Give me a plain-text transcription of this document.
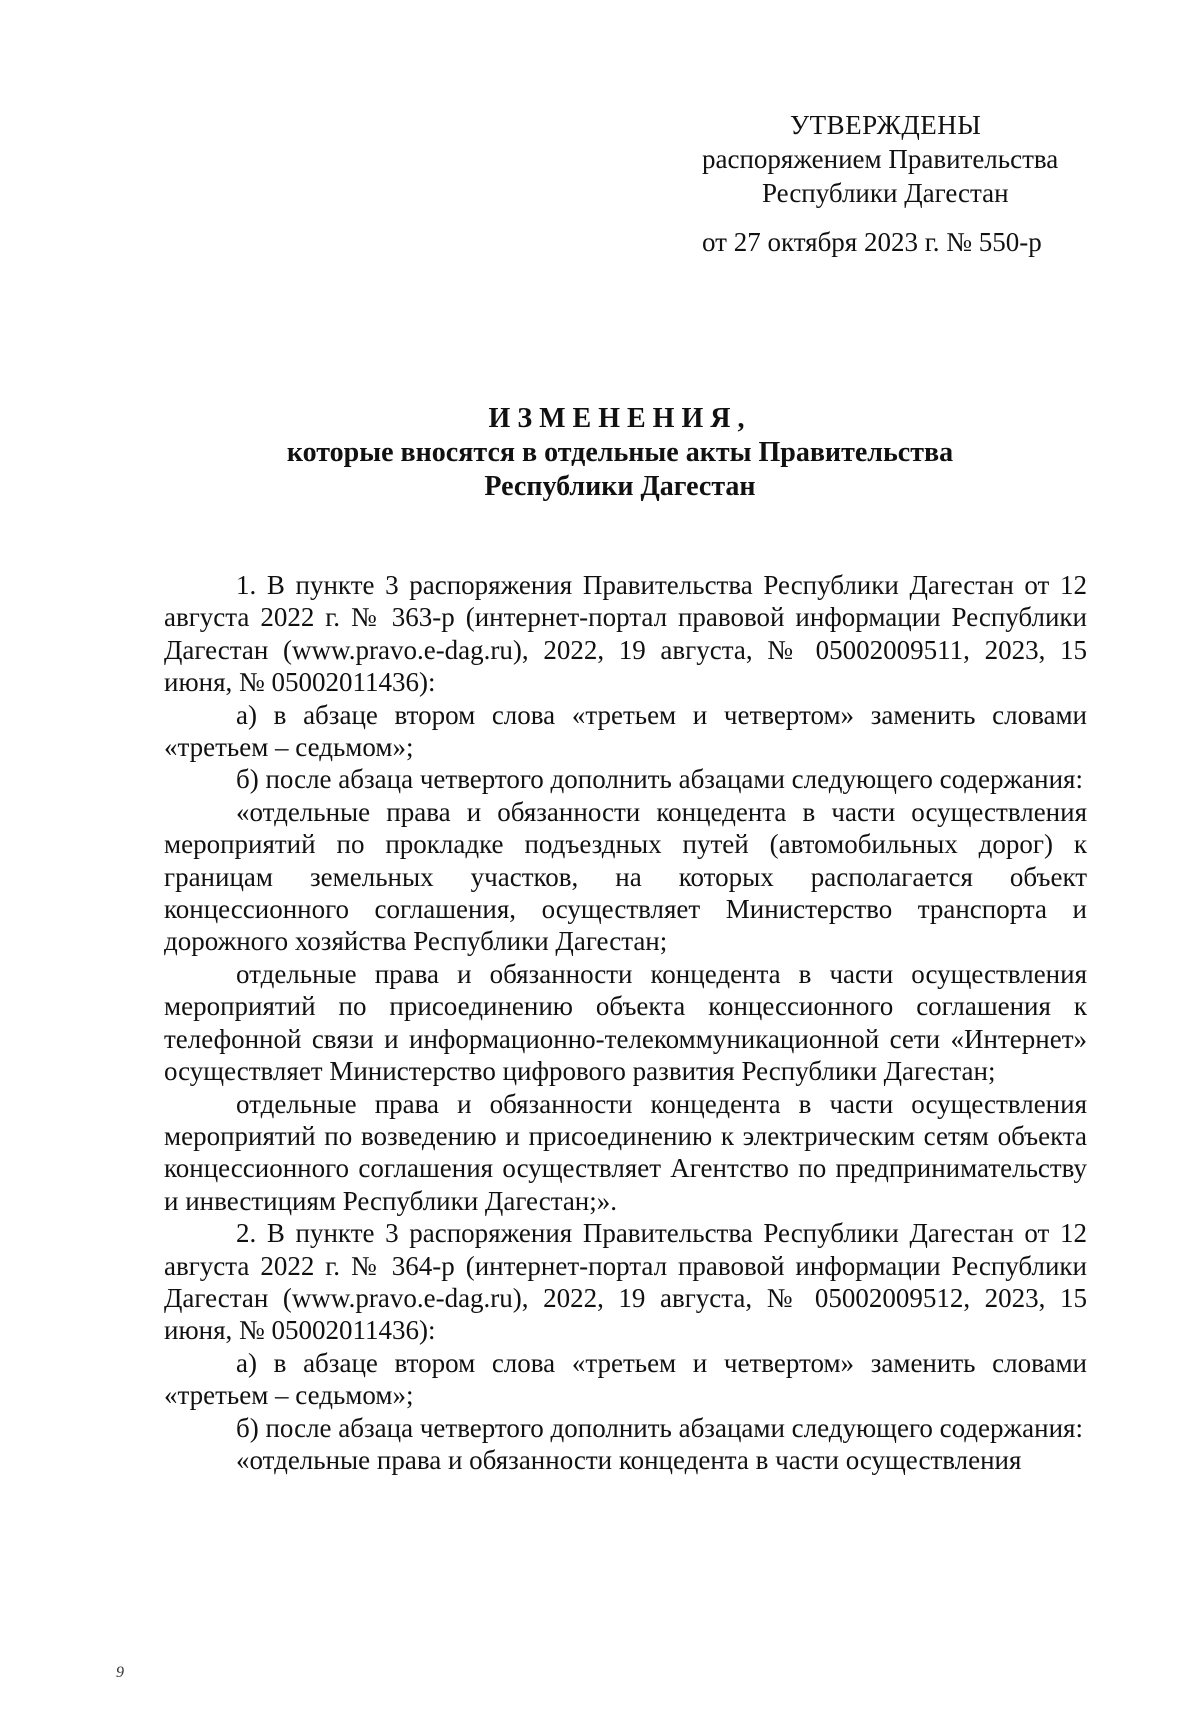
УТВЕРЖДЕНЫ
распоряжением Правительства
Республики Дагестан
от 27 октября 2023 г. № 550-р
ИЗМЕНЕНИЯ,
которые вносятся в отдельные акты Правительства
Республики Дагестан

1. В пункте 3 распоряжения Правительства Республики Дагестан от 12 августа 2022 г. № 363-р (интернет-портал правовой информации Республики Дагестан (www.pravo.e-dag.ru), 2022, 19 августа, № 05002009511, 2023, 15 июня, № 05002011436):

а) в абзаце втором слова «третьем и четвертом» заменить словами «третьем – седьмом»;

б) после абзаца четвертого дополнить абзацами следующего содержания:

«отдельные права и обязанности концедента в части осуществления мероприятий по прокладке подъездных путей (автомобильных дорог) к границам земельных участков, на которых располагается объект концессионного соглашения, осуществляет Министерство транспорта и дорожного хозяйства Республики Дагестан;

отдельные права и обязанности концедента в части осуществления мероприятий по присоединению объекта концессионного соглашения к телефонной связи и информационно-телекоммуникационной сети «Интернет» осуществляет Министерство цифрового развития Республики Дагестан;

отдельные права и обязанности концедента в части осуществления мероприятий по возведению и присоединению к электрическим сетям объекта концессионного соглашения осуществляет Агентство по предпринимательству и инвестициям Республики Дагестан;».

2. В пункте 3 распоряжения Правительства Республики Дагестан от 12 августа 2022 г. № 364-р (интернет-портал правовой информации Республики Дагестан (www.pravo.e-dag.ru), 2022, 19 августа, № 05002009512, 2023, 15 июня, № 05002011436):

а) в абзаце втором слова «третьем и четвертом» заменить словами «третьем – седьмом»;

б) после абзаца четвертого дополнить абзацами следующего содержания:

«отдельные права и обязанности концедента в части осуществления

9
